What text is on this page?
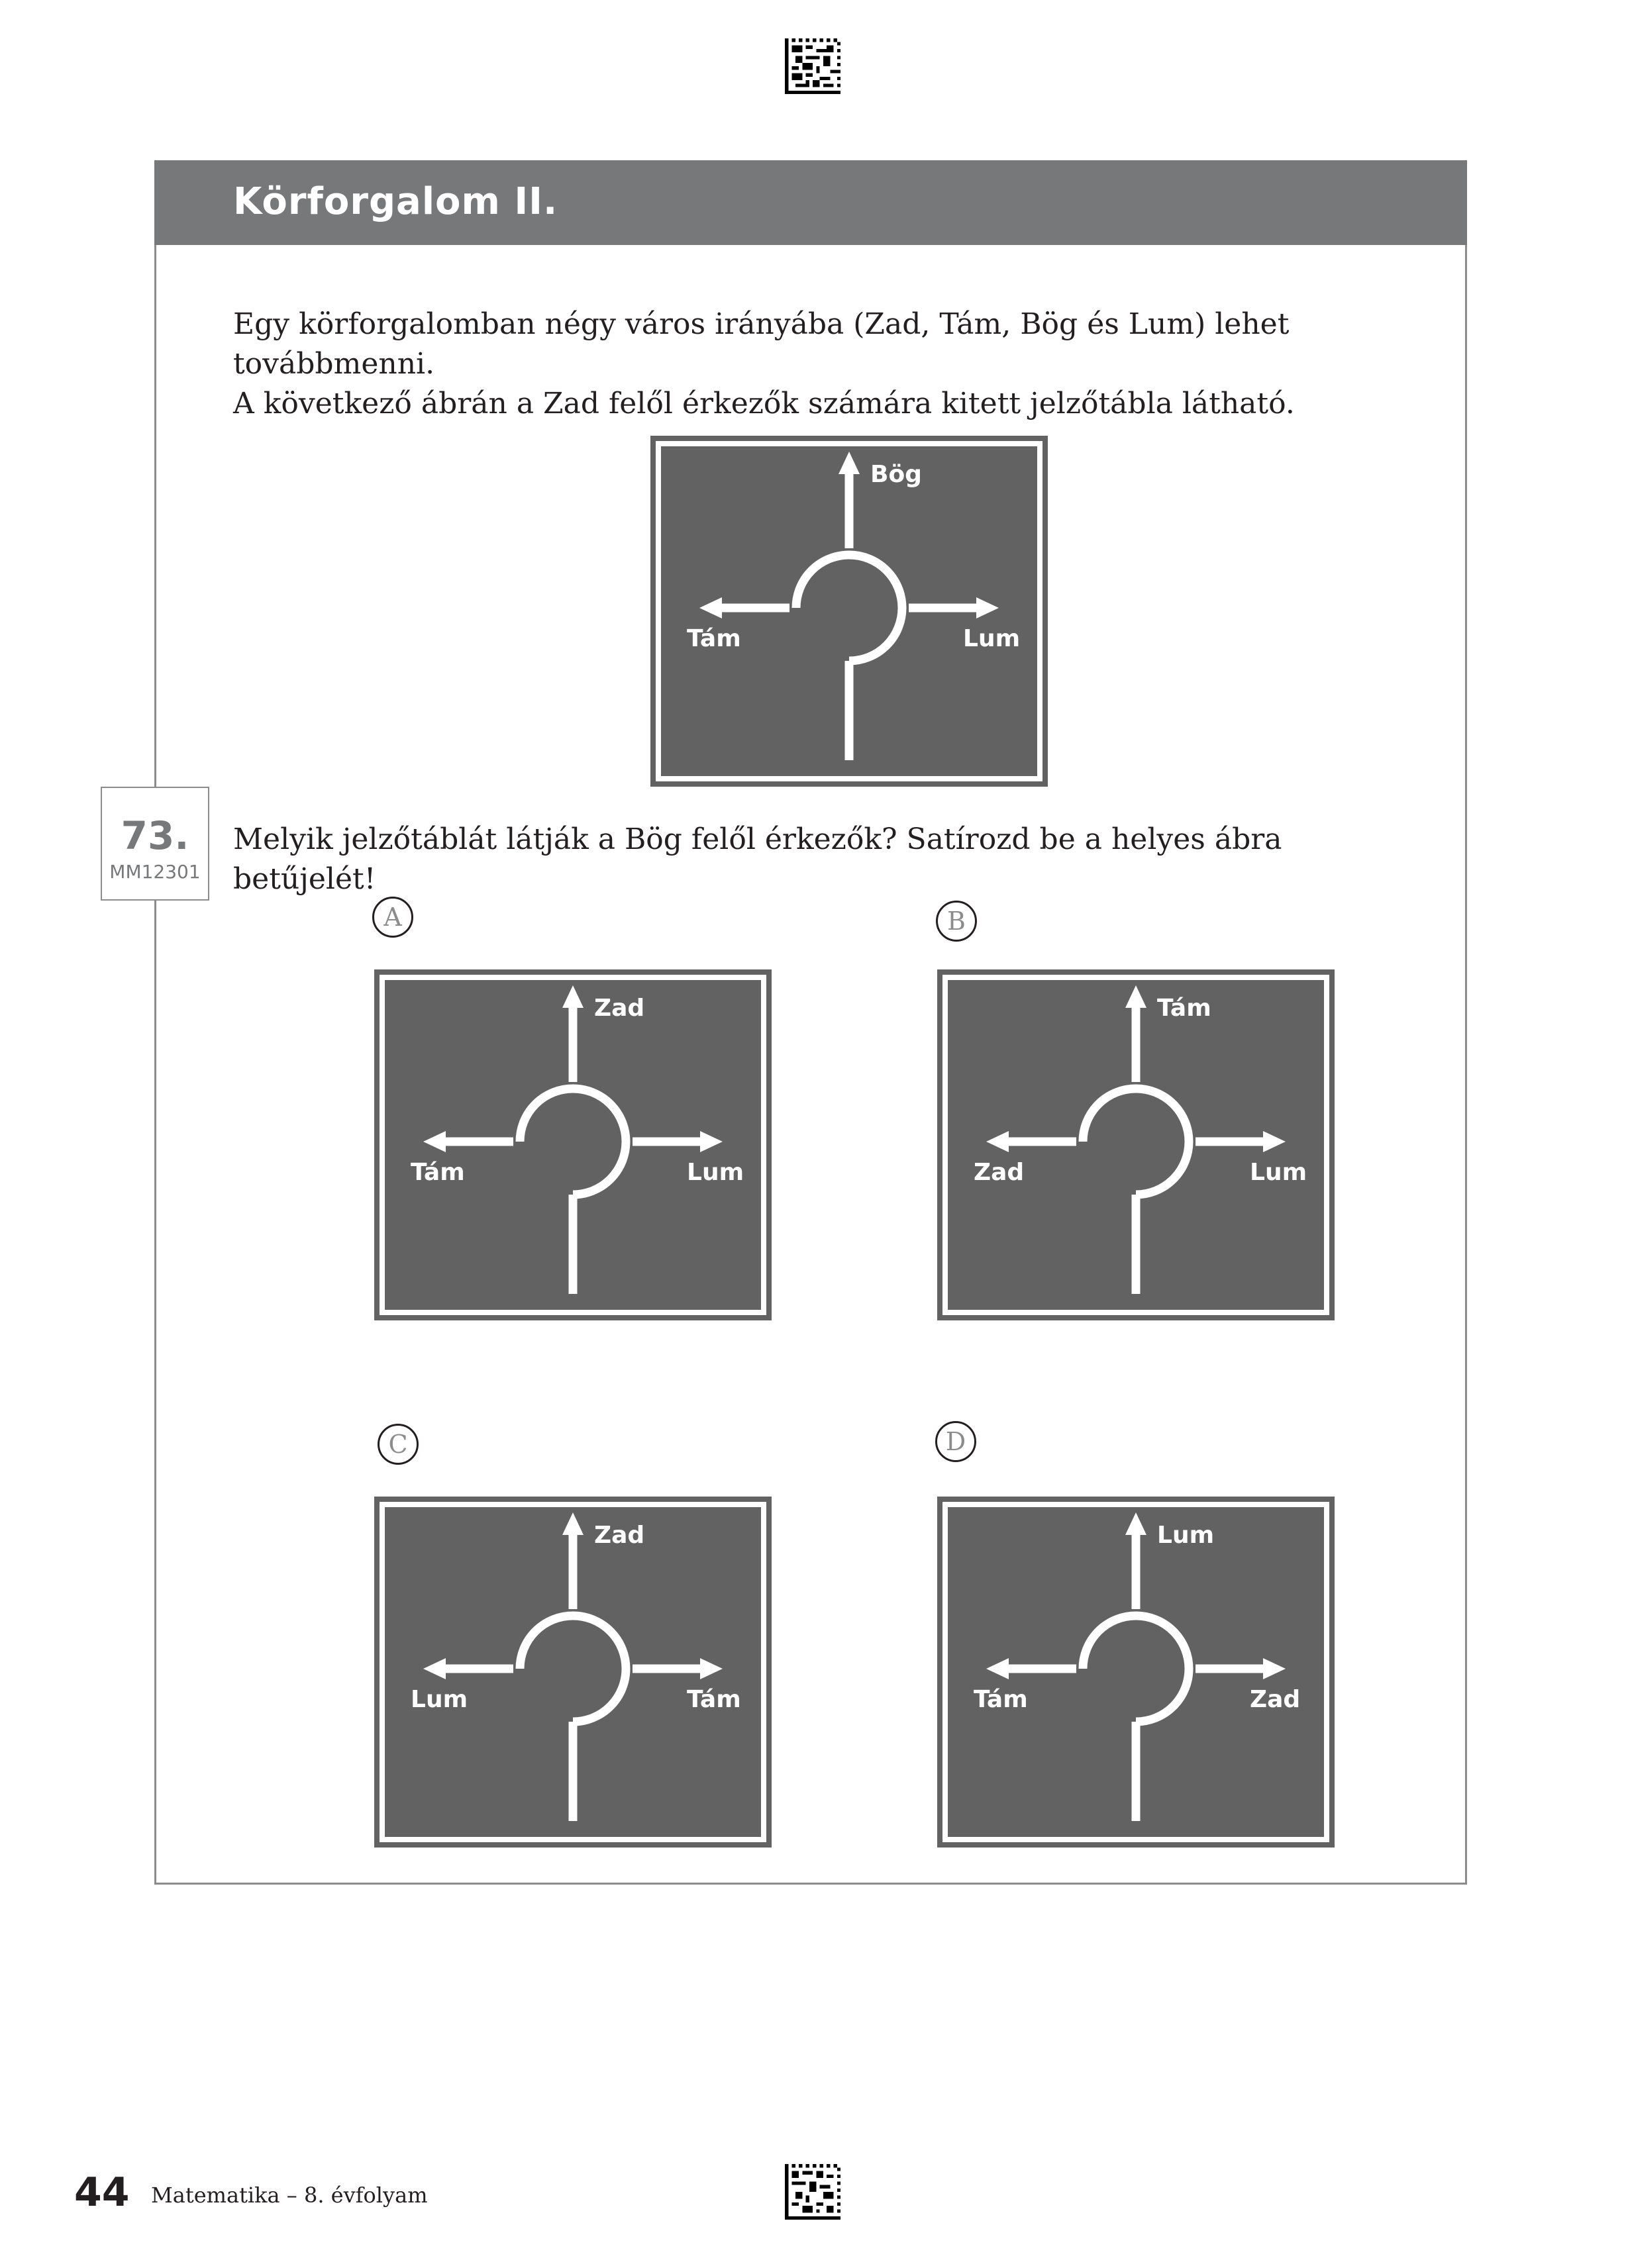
Körforgalom II.
Egy körforgalomban négy város irányába (Zad, Tám, Bög és Lum) lehet továbbmenni.
A következő ábrán a Zad felől érkezők számára kitett jelzőtábla látható.
Bög
Tám	Lum
73.
MM12301
Melyik jelzőtáblát látják a Bög felől érkezők? Satírozd be a helyes ábra betűjelét!
A
Zad
Tám	Lum
B
Tám
Zad	Lum
C
Zad
Lum	Tám
D
Lum
Tám	Zad
44 Matematika – 8. évfolyam
